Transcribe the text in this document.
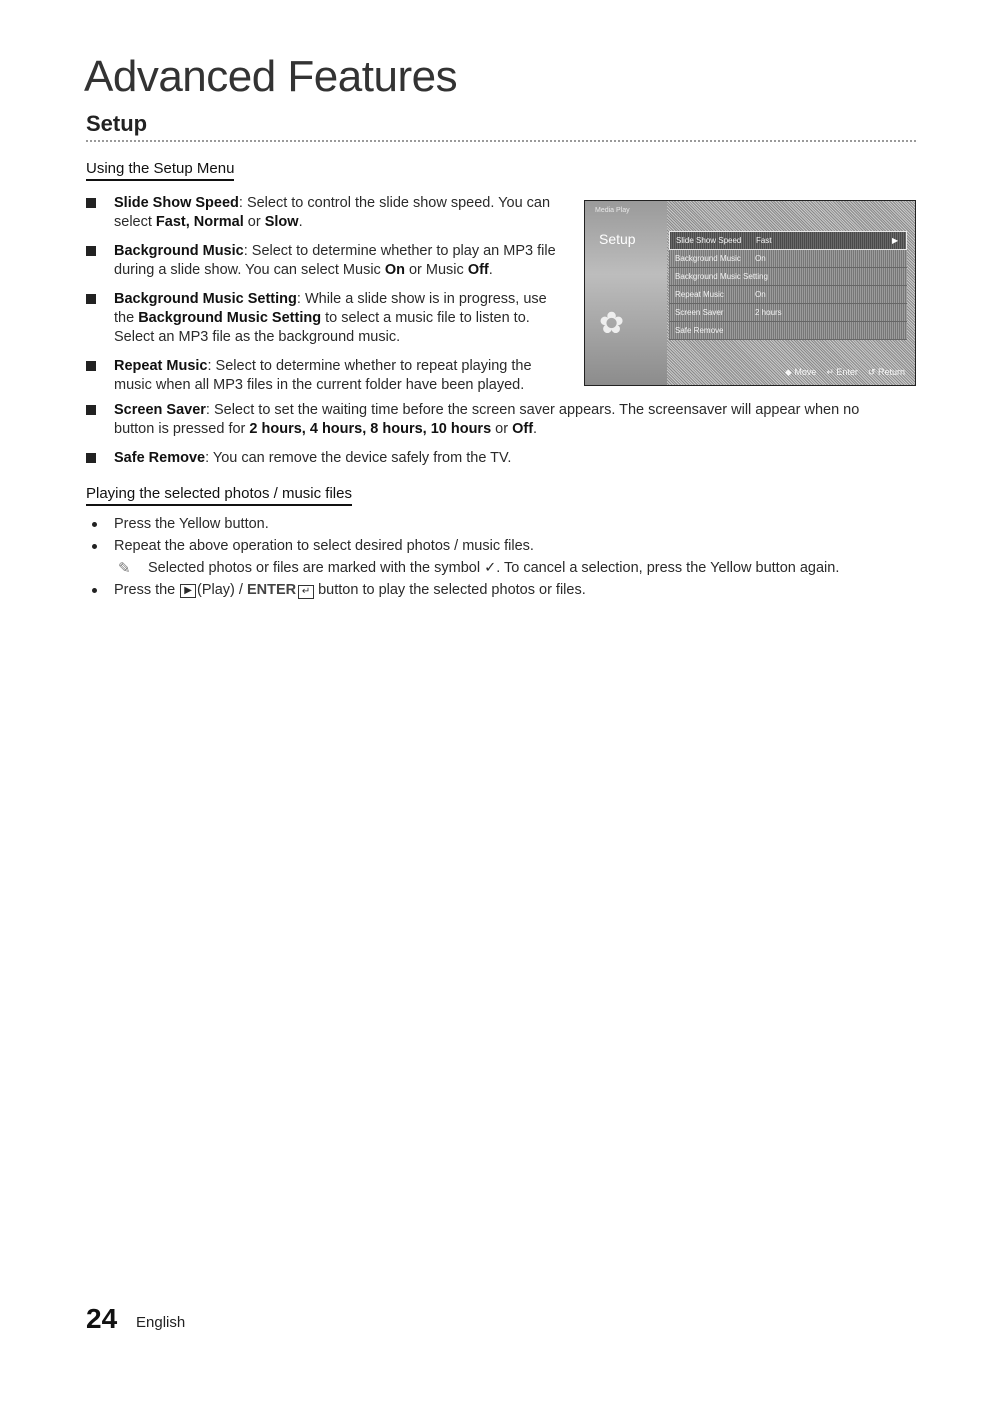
Advanced Features
Setup
Using the Setup Menu
Slide Show Speed: Select to control the slide show speed. You can select Fast, Normal or Slow.
Background Music: Select to determine whether to play an MP3 file during a slide show. You can select Music On or Music Off.
Background Music Setting: While a slide show is in progress, use the Background Music Setting to select a music file to listen to. Select an MP3 file as the background music.
Repeat Music: Select to determine whether to repeat playing the music when all MP3 files in the current folder have been played.
Screen Saver: Select to set the waiting time before the screen saver appears. The screensaver will appear when no button is pressed for 2 hours, 4 hours, 8 hours, 10 hours or Off.
Safe Remove: You can remove the device safely from the TV.
Media Play
Setup
✿
Slide Show Speed	Fast	▶
Background Music	On
Background Music Setting
Repeat Music	On
Screen Saver	2 hours
Safe Remove
◆ Move ↵ Enter ↺ Return
Playing the selected photos / music files
Press the Yellow button.
Repeat the above operation to select desired photos / music files.
✎ Selected photos or files are marked with the symbol ✓. To cancel a selection, press the Yellow button again.
Press the ▶ (Play) / ENTER ↵ button to play the selected photos or files.
24 English
